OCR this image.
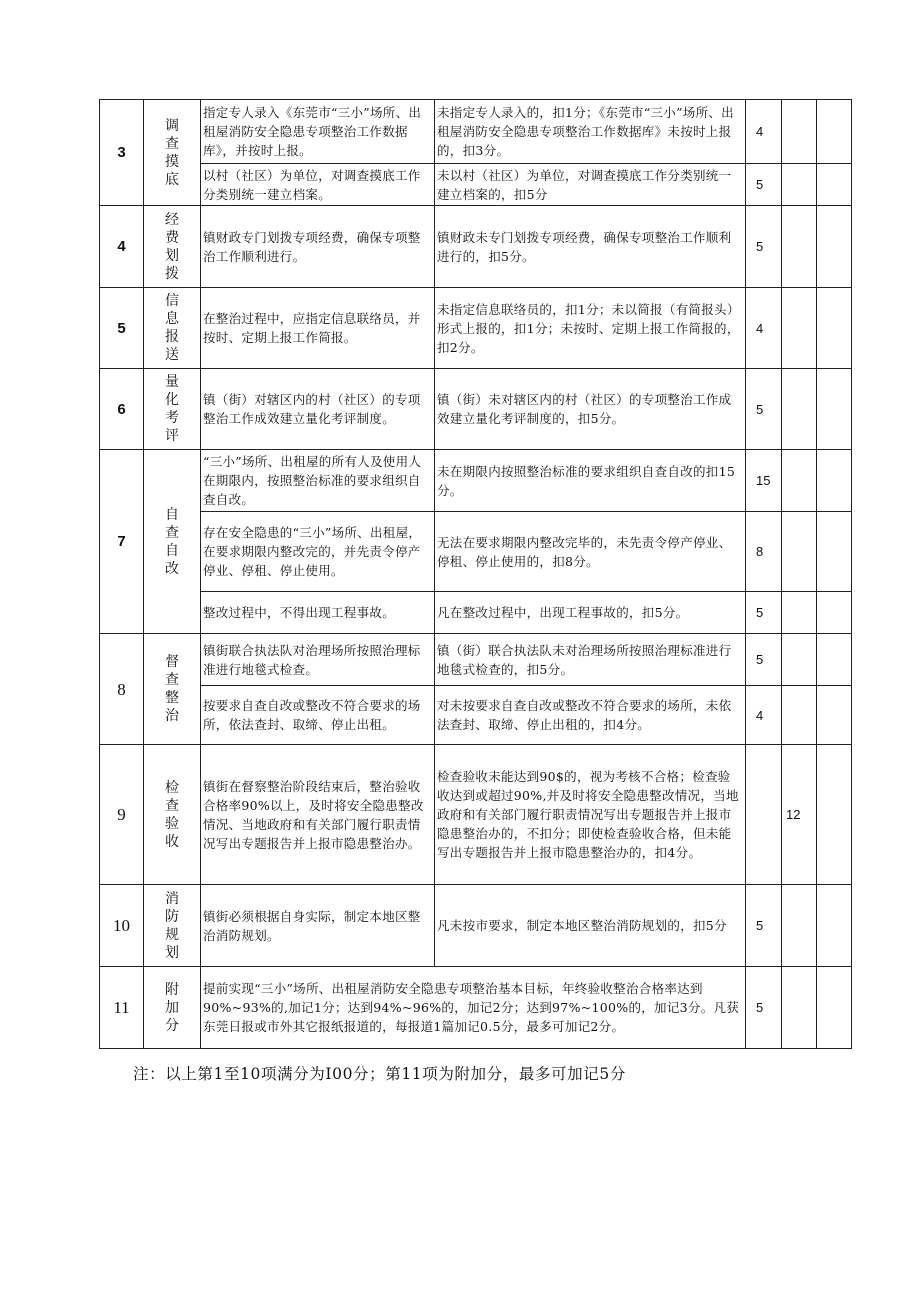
3	调查摸底	指定专人录入《东莞市“三小”场所、出租屋消防安全隐患专项整治工作数据库》，并按时上报。	未指定专人录入的，扣1分；《东莞市“三小”场所、出租屋消防安全隐患专项整治工作数据库》未按时上报的，扣3分。	4		
		以村（社区）为单位，对调查摸底工作分类别统一建立档案。	未以村（社区）为单位，对调查摸底工作分类别统一建立档案的，扣5分	5		
4	经费划拨	镇财政专门划拨专项经费，确保专项整治工作顺利进行。	镇财政未专门划拨专项经费，确保专项整治工作顺利进行的，扣5分。	5		
5	信息报送	在整治过程中，应指定信息联络员，并按时、定期上报工作简报。	未指定信息联络员的，扣1分；未以简报（有简报头）形式上报的，扣1分；未按时、定期上报工作简报的，扣2分。	4		
6	量化考评	镇（街）对辖区内的村（社区）的专项整治工作成效建立量化考评制度。	镇（街）未对辖区内的村（社区）的专项整治工作成效建立量化考评制度的，扣5分。	5		
7	自查自改	“三小”场所、出租屋的所有人及使用人在期限内，按照整治标准的要求组织自查自改。	未在期限内按照整治标准的要求组织自查自改的扣15分。	15		
		存在安全隐患的“三小”场所、出租屋，在要求期限内整改完的，并先责令停产停业、停租、停止使用。	无法在要求期限内整改完毕的，未先责令停产停业、停租、停止使用的，扣8分。	8		
		整改过程中，不得出现工程事故。	凡在整改过程中，出现工程事故的，扣5分。	5		
8	督查整治	镇街联合执法队对治理场所按照治理标准进行地毯式检查。	镇（街）联合执法队未对治理场所按照治理标准进行地毯式检查的，扣5分。	5		
		按要求自查自改或整改不符合要求的场所，依法查封、取缔、停止出租。	对未按要求自查自改或整改不符合要求的场所，未依法查封、取缔、停止出租的，扣4分。	4		
9	检查验收	镇街在督察整治阶段结束后，整治验收合格率90%以上，及时将安全隐患整改情况、当地政府和有关部门履行职责情况写出专题报告并上报市隐患整治办。	检查验收未能达到90$的，视为考核不合格；检查验收达到或超过90%,并及时将安全隐患整改情况，当地政府和有关部门履行职责情况写出专题报告并上报市隐患整治办的，不扣分；即使检查验收合格，但未能写出专题报告并上报市隐患整治办的，扣4分。		12	
10	消防规划	镇街必须根据自身实际，制定本地区整治消防规划。	凡未按市要求，制定本地区整治消防规划的，扣5分	5		
11	附加分	提前实现“三小”场所、出租屋消防安全隐患专项整治基本目标，年终验收整治合格率达到90%~93%的,加记1分；达到94%~96%的，加记2分；达到97%~100%的，加记3分。凡获东莞日报或市外其它报纸报道的，每报道1篇加记0.5分，最多可加记2分。		5		
注：以上第1至10项满分为I00分；第11项为附加分，最多可加记5分
